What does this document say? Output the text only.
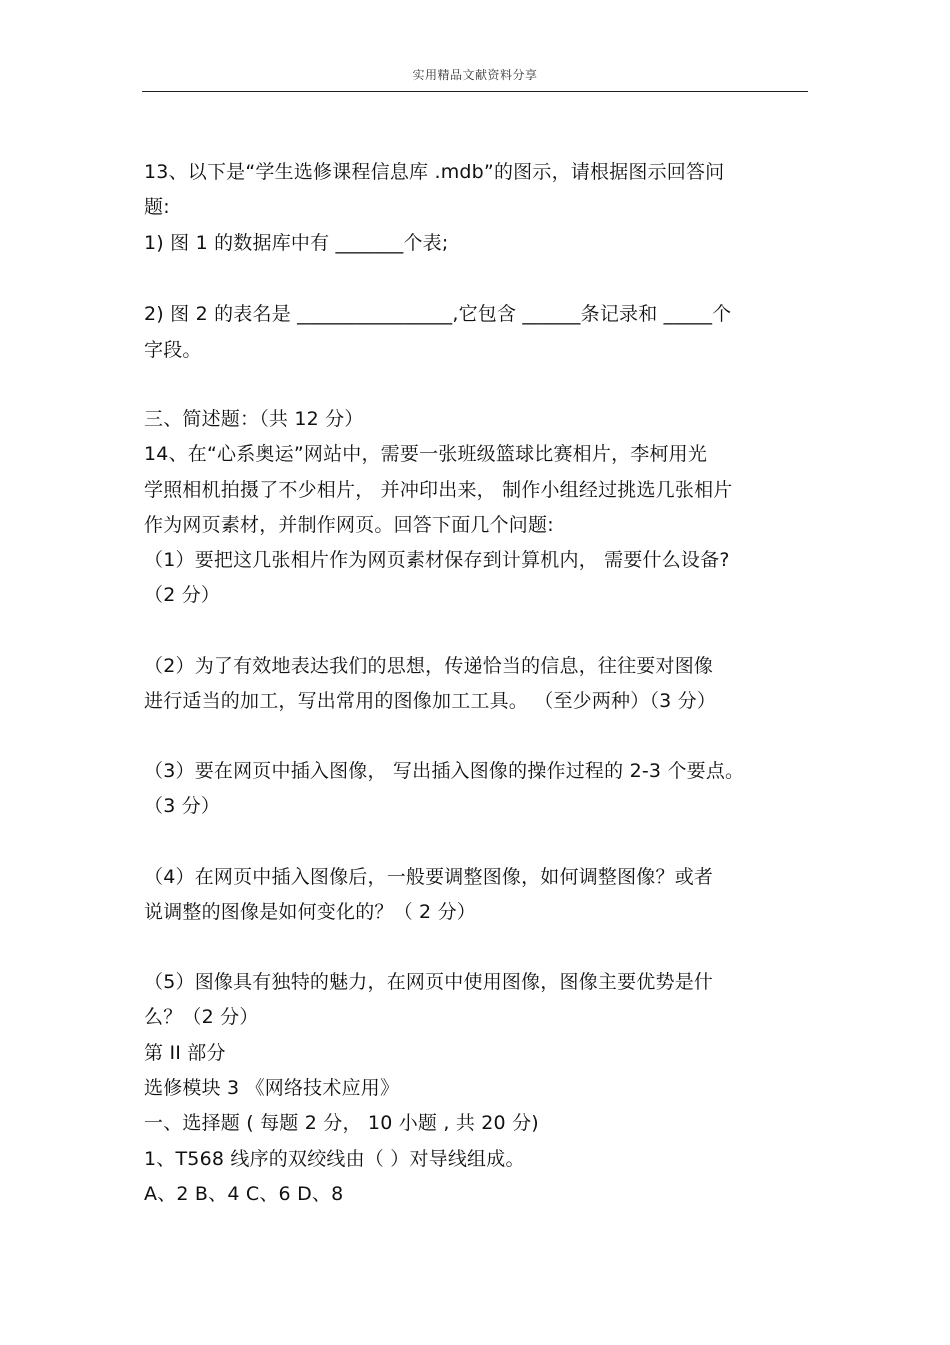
实用精品文献资料分享
13、以下是“学生选修课程信息库 .mdb”的图示，请根据图示回答问
题:
1) 图 1 的数据库中有 _______个表;
2) 图 2 的表名是 ________________,它包含 ______条记录和 _____个
字段。
三、简述题：（共 12 分）
14、在“心系奥运”网站中，需要一张班级篮球比赛相片，李柯用光
学照相机拍摄了不少相片， 并冲印出来， 制作小组经过挑选几张相片
作为网页素材，并制作网页。回答下面几个问题:
（1）要把这几张相片作为网页素材保存到计算机内， 需要什么设备?
（2 分）
（2）为了有效地表达我们的思想，传递恰当的信息，往往要对图像
进行适当的加工，写出常用的图像加工工具。 （至少两种）（3 分）
（3）要在网页中插入图像， 写出插入图像的操作过程的 2-3 个要点。
（3 分）
（4）在网页中插入图像后，一般要调整图像，如何调整图像？或者
说调整的图像是如何变化的？（ 2 分）
（5）图像具有独特的魅力，在网页中使用图像，图像主要优势是什
么？（2 分）
第 II 部分
选修模块 3 《网络技术应用》
一、选择题 ( 每题 2 分， 10 小题 , 共 20 分)
1、T568 线序的双绞线由（ ）对导线组成。
A、2 B、4 C、6 D、8
